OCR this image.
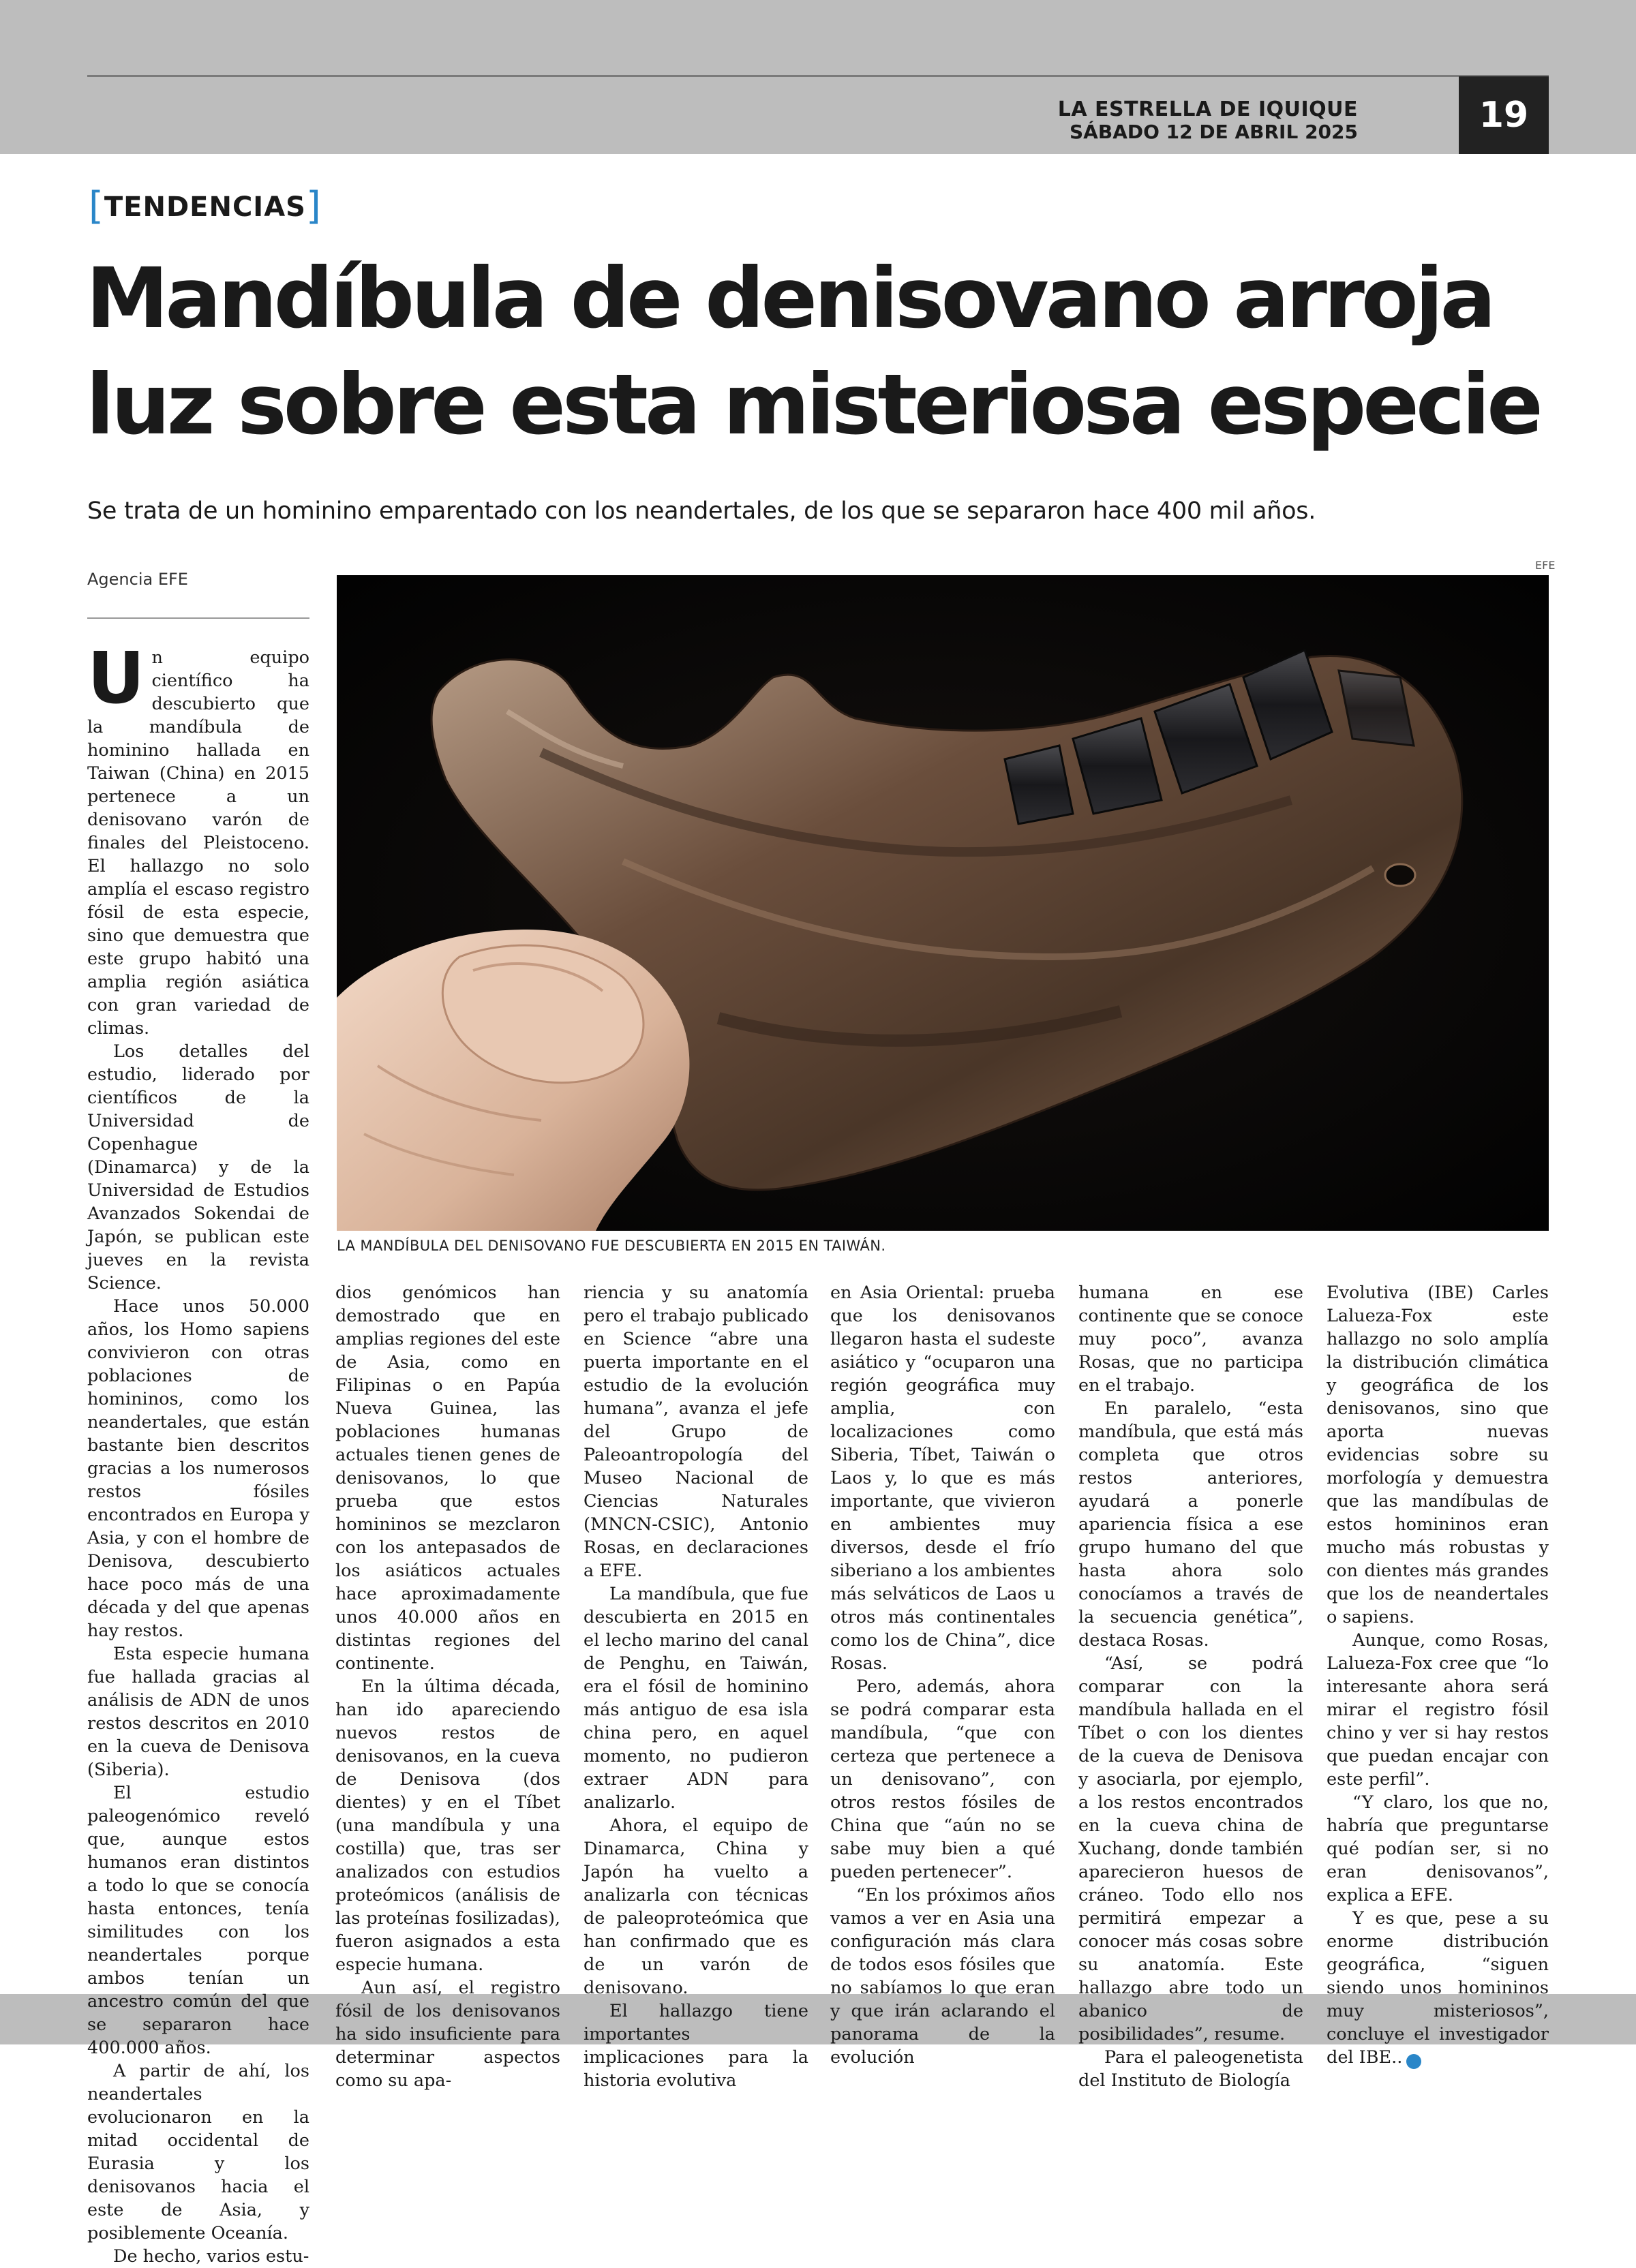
LA ESTRELLA DE IQUIQUE
SÁBADO 12 DE ABRIL 2025	19
[TENDENCIAS]
Mandíbula de denisovano arroja luz sobre esta misteriosa especie
Se trata de un hominino emparentado con los neandertales, de los que se separaron hace 400 mil años.
Agencia EFE
EFE
LA MANDÍBULA DEL DENISOVANO FUE DESCUBIERTA EN 2015 EN TAIWÁN.

Un equipo científico ha descubierto que la mandíbula de hominino hallada en Taiwan (China) en 2015 pertenece a un denisovano varón de finales del Pleistoceno. El hallazgo no solo amplía el escaso registro fósil de esta especie, sino que demuestra que este grupo habitó una amplia región asiática con gran variedad de climas.

Los detalles del estudio, liderado por científicos de la Universidad de Copenhague (Dinamarca) y de la Universidad de Estudios Avanzados Sokendai de Japón, se publican este jueves en la revista Science.

Hace unos 50.000 años, los Homo sapiens convivieron con otras poblaciones de homininos, como los neandertales, que están bastante bien descritos gracias a los numerosos restos fósiles encontrados en Europa y Asia, y con el hombre de Denisova, descubierto hace poco más de una década y del que apenas hay restos.

Esta especie humana fue hallada gracias al análisis de ADN de unos restos descritos en 2010 en la cueva de Denisova (Siberia).

El estudio paleogenómico reveló que, aunque estos humanos eran distintos a todo lo que se conocía hasta entonces, tenía similitudes con los neandertales porque ambos tenían un ancestro común del que se separaron hace 400.000 años.

A partir de ahí, los neandertales evolucionaron en la mitad occidental de Eurasia y los denisovanos hacia el este de Asia, y posiblemente Oceanía.

De hecho, varios estu-

dios genómicos han demostrado que en amplias regiones del este de Asia, como en Filipinas o en Papúa Nueva Guinea, las poblaciones humanas actuales tienen genes de denisovanos, lo que prueba que estos homininos se mezclaron con los antepasados de los asiáticos actuales hace aproximadamente unos 40.000 años en distintas regiones del continente.

En la última década, han ido apareciendo nuevos restos de denisovanos, en la cueva de Denisova (dos dientes) y en el Tíbet (una mandíbula y una costilla) que, tras ser analizados con estudios proteómicos (análisis de las proteínas fosilizadas), fueron asignados a esta especie humana.

Aun así, el registro fósil de los denisovanos ha sido insuficiente para determinar aspectos como su apa-

riencia y su anatomía pero el trabajo publicado en Science “abre una puerta importante en el estudio de la evolución humana”, avanza el jefe del Grupo de Paleoantropología del Museo Nacional de Ciencias Naturales (MNCN-CSIC), Antonio Rosas, en declaraciones a EFE.

La mandíbula, que fue descubierta en 2015 en el lecho marino del canal de Penghu, en Taiwán, era el fósil de hominino más antiguo de esa isla china pero, en aquel momento, no pudieron extraer ADN para analizarlo.

Ahora, el equipo de Dinamarca, China y Japón ha vuelto a analizarla con técnicas de paleoproteómica que han confirmado que es de un varón de denisovano.

El hallazgo tiene importantes implicaciones para la historia evolutiva

en Asia Oriental: prueba que los denisovanos llegaron hasta el sudeste asiático y “ocuparon una región geográfica muy amplia, con localizaciones como Siberia, Tíbet, Taiwán o Laos y, lo que es más importante, que vivieron en ambientes muy diversos, desde el frío siberiano a los ambientes más selváticos de Laos u otros más continentales como los de China”, dice Rosas.

Pero, además, ahora se podrá comparar esta mandíbula, “que con certeza que pertenece a un denisovano”, con otros restos fósiles de China que “aún no se sabe muy bien a qué pueden pertenecer”.

“En los próximos años vamos a ver en Asia una configuración más clara de todos esos fósiles que no sabíamos lo que eran y que irán aclarando el panorama de la evolución

humana en ese continente que se conoce muy poco”, avanza Rosas, que no participa en el trabajo.

En paralelo, “esta mandíbula, que está más completa que otros restos anteriores, ayudará a ponerle apariencia física a ese grupo humano del que hasta ahora solo conocíamos a través de la secuencia genética”, destaca Rosas.

“Así, se podrá comparar con la mandíbula hallada en el Tíbet o con los dientes de la cueva de Denisova y asociarla, por ejemplo, a los restos encontrados en la cueva china de Xuchang, donde también aparecieron huesos de cráneo. Todo ello nos permitirá empezar a conocer más cosas sobre su anatomía. Este hallazgo abre todo un abanico de posibilidades”, resume.

Para el paleogenetista del Instituto de Biología

Evolutiva (IBE) Carles Lalueza-Fox este hallazgo no solo amplía la distribución climática y geográfica de los denisovanos, sino que aporta nuevas evidencias sobre su morfología y demuestra que las mandíbulas de estos homininos eran mucho más robustas y con dientes más grandes que los de neandertales o sapiens.

Aunque, como Rosas, Lalueza-Fox cree que “lo interesante ahora será mirar el registro fósil chino y ver si hay restos que puedan encajar con este perfil”.

“Y claro, los que no, habría que preguntarse qué podían ser, si no eran denisovanos”, explica a EFE.

Y es que, pese a su enorme distribución geográfica, “siguen siendo unos homininos muy misteriosos”, concluye el investigador del IBE..	✪
